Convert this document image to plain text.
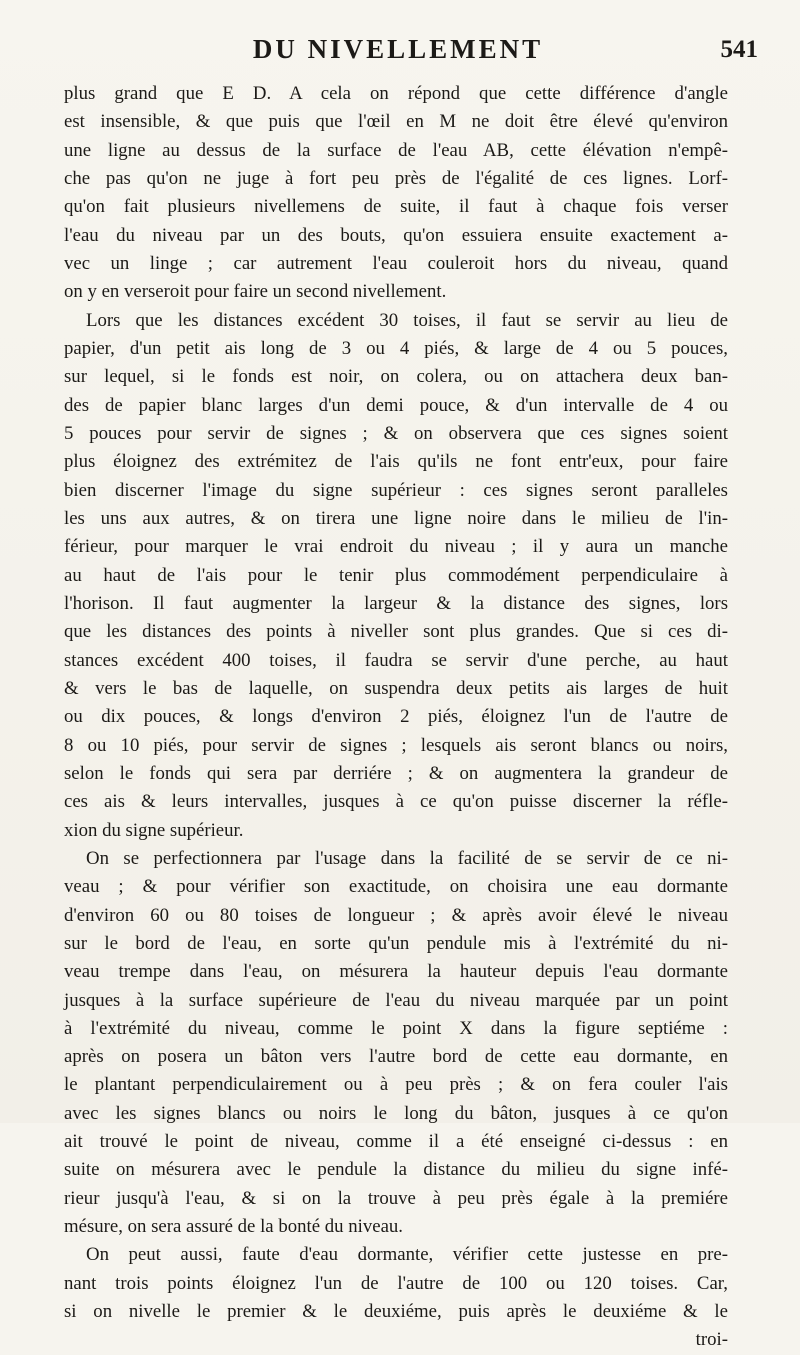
DU NIVELLEMENT	541
plus grand que E D. A cela on répond que cette différence d'angle
est insensible, & que puis que l'œil en M ne doit être élevé qu'environ
une ligne au dessus de la surface de l'eau AB, cette élévation n'empê-
che pas qu'on ne juge à fort peu près de l'égalité de ces lignes. Lorf-
qu'on fait plusieurs nivellemens de suite, il faut à chaque fois verser
l'eau du niveau par un des bouts, qu'on essuiera ensuite exactement a-
vec un linge ; car autrement l'eau couleroit hors du niveau, quand
on y en verseroit pour faire un second nivellement.
Lors que les distances excédent 30 toises, il faut se servir au lieu de
papier, d'un petit ais long de 3 ou 4 piés, & large de 4 ou 5 pouces,
sur lequel, si le fonds est noir, on colera, ou on attachera deux ban-
des de papier blanc larges d'un demi pouce, & d'un intervalle de 4 ou
5 pouces pour servir de signes ; & on observera que ces signes soient
plus éloignez des extrémitez de l'ais qu'ils ne font entr'eux, pour faire
bien discerner l'image du signe supérieur : ces signes seront paralleles
les uns aux autres, & on tirera une ligne noire dans le milieu de l'in-
férieur, pour marquer le vrai endroit du niveau ; il y aura un manche
au haut de l'ais pour le tenir plus commodément perpendiculaire à
l'horison. Il faut augmenter la largeur & la distance des signes, lors
que les distances des points à niveller sont plus grandes. Que si ces di-
stances excédent 400 toises, il faudra se servir d'une perche, au haut
& vers le bas de laquelle, on suspendra deux petits ais larges de huit
ou dix pouces, & longs d'environ 2 piés, éloignez l'un de l'autre de
8 ou 10 piés, pour servir de signes ; lesquels ais seront blancs ou noirs,
selon le fonds qui sera par derriére ; & on augmentera la grandeur de
ces ais & leurs intervalles, jusques à ce qu'on puisse discerner la réfle-
xion du signe supérieur.
On se perfectionnera par l'usage dans la facilité de se servir de ce ni-
veau ; & pour vérifier son exactitude, on choisira une eau dormante
d'environ 60 ou 80 toises de longueur ; & après avoir élevé le niveau
sur le bord de l'eau, en sorte qu'un pendule mis à l'extrémité du ni-
veau trempe dans l'eau, on mésurera la hauteur depuis l'eau dormante
jusques à la surface supérieure de l'eau du niveau marquée par un point
à l'extrémité du niveau, comme le point X dans la figure septiéme :
après on posera un bâton vers l'autre bord de cette eau dormante, en
le plantant perpendiculairement ou à peu près ; & on fera couler l'ais
avec les signes blancs ou noirs le long du bâton, jusques à ce qu'on
ait trouvé le point de niveau, comme il a été enseigné ci-dessus : en
suite on mésurera avec le pendule la distance du milieu du signe infé-
rieur jusqu'à l'eau, & si on la trouve à peu près égale à la premiére
mésure, on sera assuré de la bonté du niveau.
On peut aussi, faute d'eau dormante, vérifier cette justesse en pre-
nant trois points éloignez l'un de l'autre de 100 ou 120 toises. Car,
si on nivelle le premier & le deuxiéme, puis après le deuxiéme & le
troi-
